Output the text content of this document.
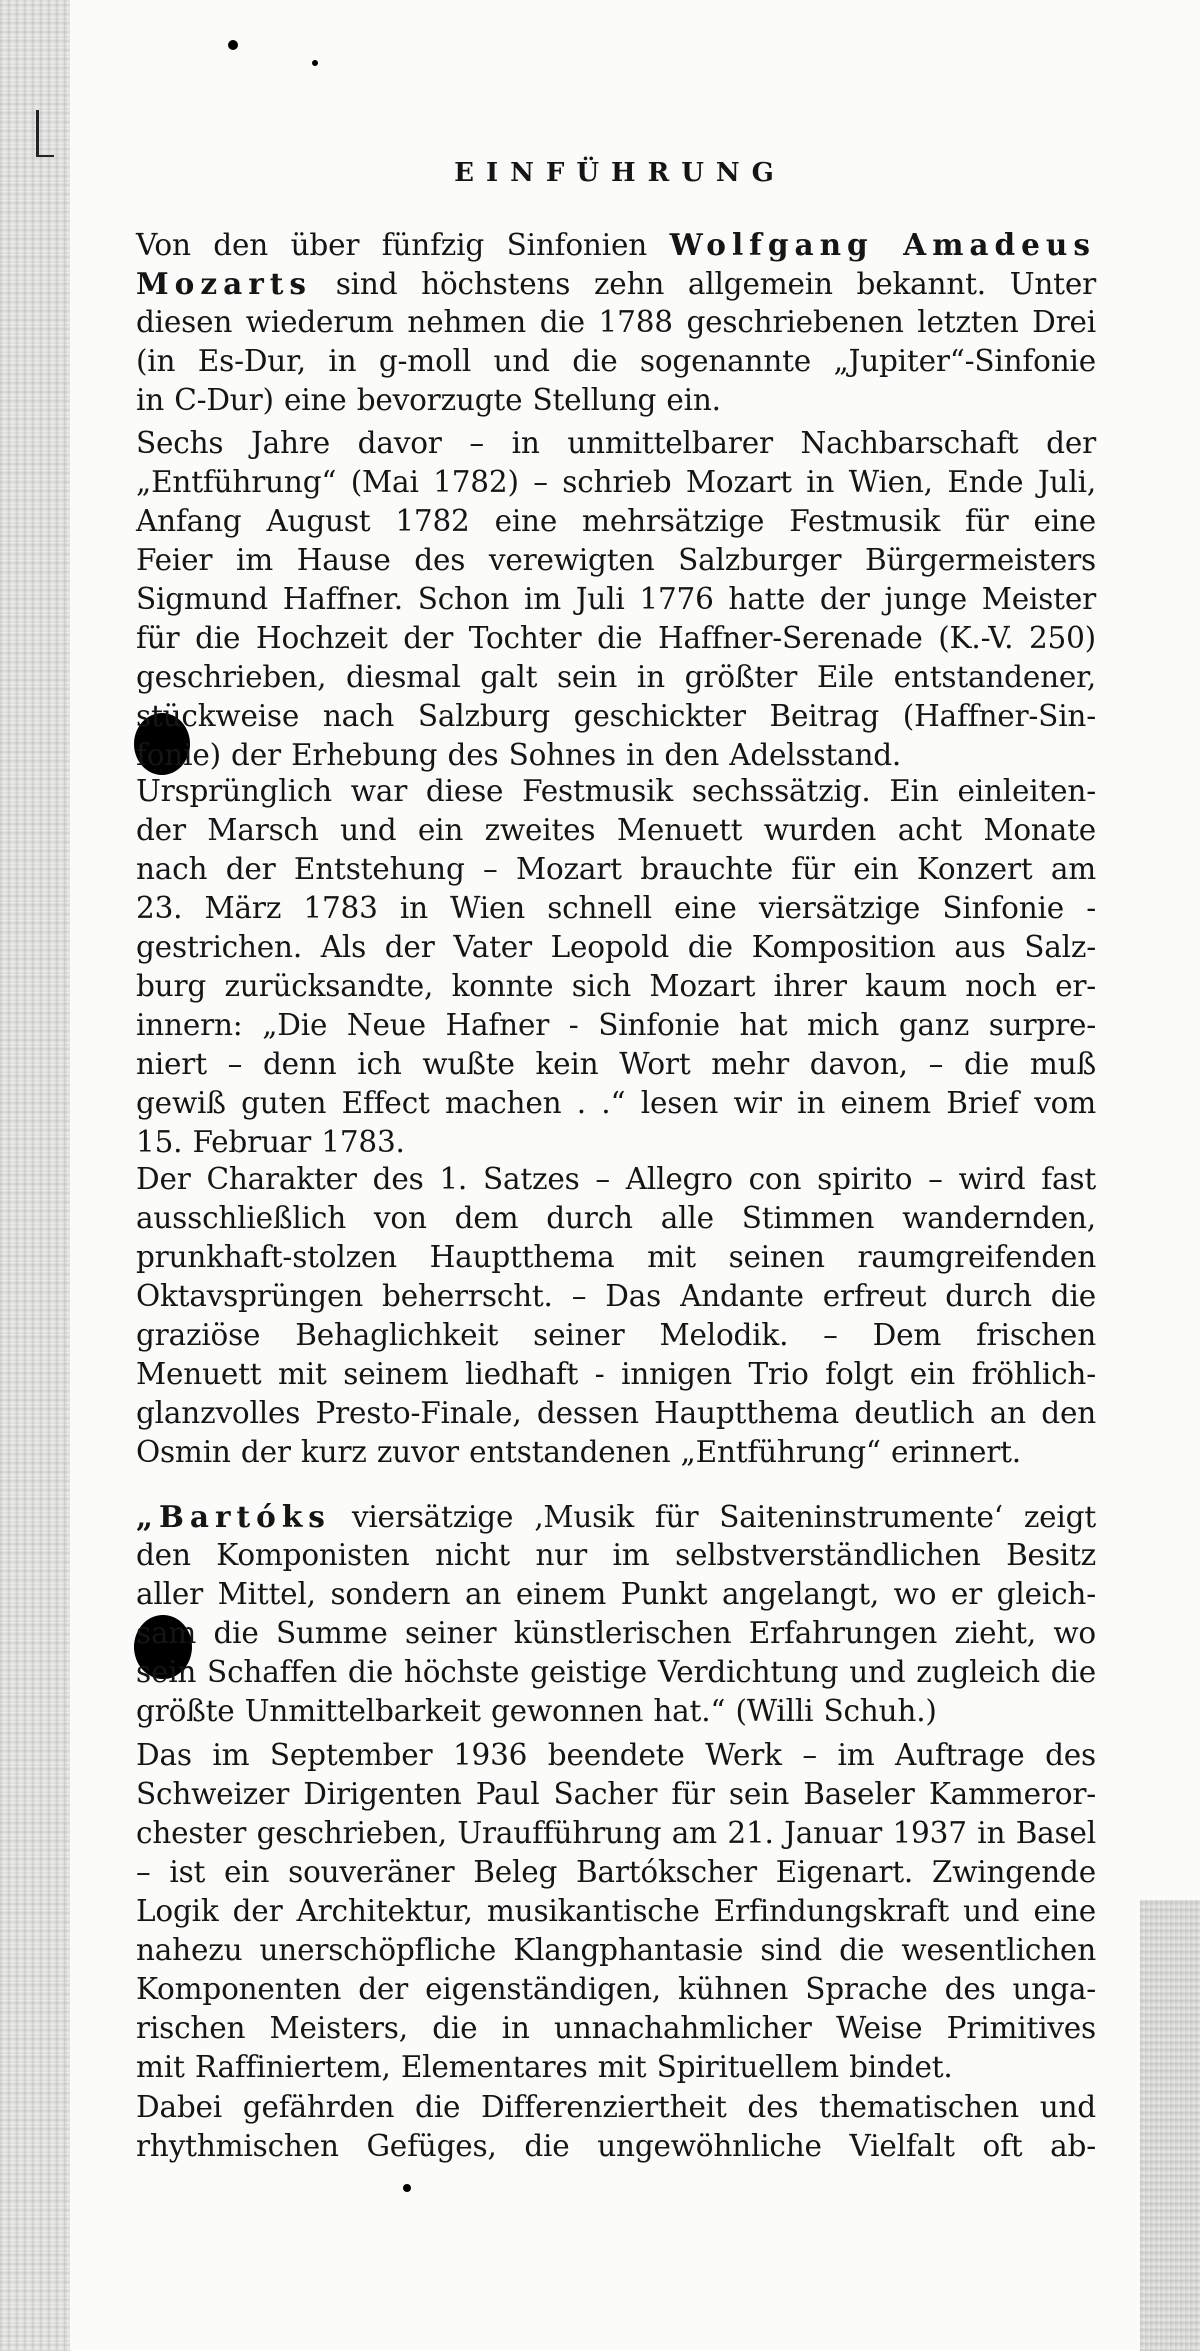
EINFÜHRUNG
Von den über fünfzig Sinfonien Wolfgang Amadeus
Mozarts sind höchstens zehn allgemein bekannt. Unter
diesen wiederum nehmen die 1788 geschriebenen letzten Drei
(in Es-Dur, in g-moll und die sogenannte „Jupiter“-Sinfonie
in C-Dur) eine bevorzugte Stellung ein.
Sechs Jahre davor – in unmittelbarer Nachbarschaft der
„Entführung“ (Mai 1782) – schrieb Mozart in Wien, Ende Juli,
Anfang August 1782 eine mehrsätzige Festmusik für eine
Feier im Hause des verewigten Salzburger Bürgermeisters
Sigmund Haffner. Schon im Juli 1776 hatte der junge Meister
für die Hochzeit der Tochter die Haffner-Serenade (K.-V. 250)
geschrieben, diesmal galt sein in größter Eile entstandener,
stückweise nach Salzburg geschickter Beitrag (Haffner-Sin-
fonie) der Erhebung des Sohnes in den Adelsstand.
Ursprünglich war diese Festmusik sechssätzig. Ein einleiten-
der Marsch und ein zweites Menuett wurden acht Monate
nach der Entstehung – Mozart brauchte für ein Konzert am
23. März 1783 in Wien schnell eine viersätzige Sinfonie -
gestrichen. Als der Vater Leopold die Komposition aus Salz-
burg zurücksandte, konnte sich Mozart ihrer kaum noch er-
innern: „Die Neue Hafner - Sinfonie hat mich ganz surpre-
niert – denn ich wußte kein Wort mehr davon, – die muß
gewiß guten Effect machen . .“ lesen wir in einem Brief vom
15. Februar 1783.
Der Charakter des 1. Satzes – Allegro con spirito – wird fast
ausschließlich von dem durch alle Stimmen wandernden,
prunkhaft-stolzen Hauptthema mit seinen raumgreifenden
Oktavsprüngen beherrscht. – Das Andante erfreut durch die
graziöse Behaglichkeit seiner Melodik. – Dem frischen
Menuett mit seinem liedhaft - innigen Trio folgt ein fröhlich-
glanzvolles Presto-Finale, dessen Hauptthema deutlich an den
Osmin der kurz zuvor entstandenen „Entführung“ erinnert.
„Bartóks viersätzige ‚Musik für Saiteninstrumente‘ zeigt
den Komponisten nicht nur im selbstverständlichen Besitz
aller Mittel, sondern an einem Punkt angelangt, wo er gleich-
sam die Summe seiner künstlerischen Erfahrungen zieht, wo
sein Schaffen die höchste geistige Verdichtung und zugleich die
größte Unmittelbarkeit gewonnen hat.“ (Willi Schuh.)
Das im September 1936 beendete Werk – im Auftrage des
Schweizer Dirigenten Paul Sacher für sein Baseler Kammeror-
chester geschrieben, Uraufführung am 21. Januar 1937 in Basel
– ist ein souveräner Beleg Bartókscher Eigenart. Zwingende
Logik der Architektur, musikantische Erfindungskraft und eine
nahezu unerschöpfliche Klangphantasie sind die wesentlichen
Komponenten der eigenständigen, kühnen Sprache des unga-
rischen Meisters, die in unnachahmlicher Weise Primitives
mit Raffiniertem, Elementares mit Spirituellem bindet.
Dabei gefährden die Differenziertheit des thematischen und
rhythmischen Gefüges, die ungewöhnliche Vielfalt oft ab-
